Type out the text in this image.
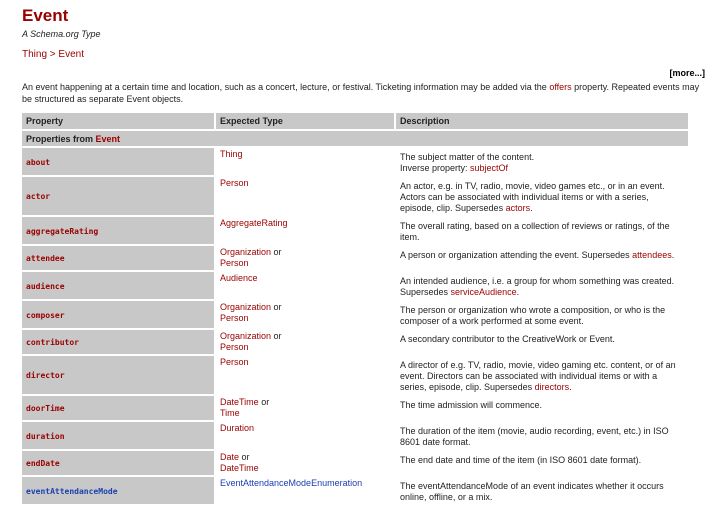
Event
A Schema.org Type
Thing > Event
[more...]
An event happening at a certain time and location, such as a concert, lecture, or festival. Ticketing information may be added via the offers property. Repeated events may be structured as separate Event objects.
Property	Expected Type	Description
Properties from Event		
about	Thing	The subject matter of the content.
Inverse property: subjectOf
actor	Person	An actor, e.g. in TV, radio, movie, video games etc., or in an event. Actors can be associated with individual items or with a series, episode, clip. Supersedes actors.
aggregateRating	AggregateRating	The overall rating, based on a collection of reviews or ratings, of the item.
attendee	Organization or
Person	A person or organization attending the event. Supersedes attendees.
audience	Audience	An intended audience, i.e. a group for whom something was created. Supersedes serviceAudience.
composer	Organization or
Person	The person or organization who wrote a composition, or who is the composer of a work performed at some event.
contributor	Organization or
Person	A secondary contributor to the CreativeWork or Event.
director	Person	A director of e.g. TV, radio, movie, video gaming etc. content, or of an event. Directors can be associated with individual items or with a series, episode, clip. Supersedes directors.
doorTime	DateTime or
Time	The time admission will commence.
duration	Duration	The duration of the item (movie, audio recording, event, etc.) in ISO 8601 date format.
endDate	Date or
DateTime	The end date and time of the item (in ISO 8601 date format).
eventAttendanceMode	EventAttendanceModeEnumeration	The eventAttendanceMode of an event indicates whether it occurs online, offline, or a mix.
